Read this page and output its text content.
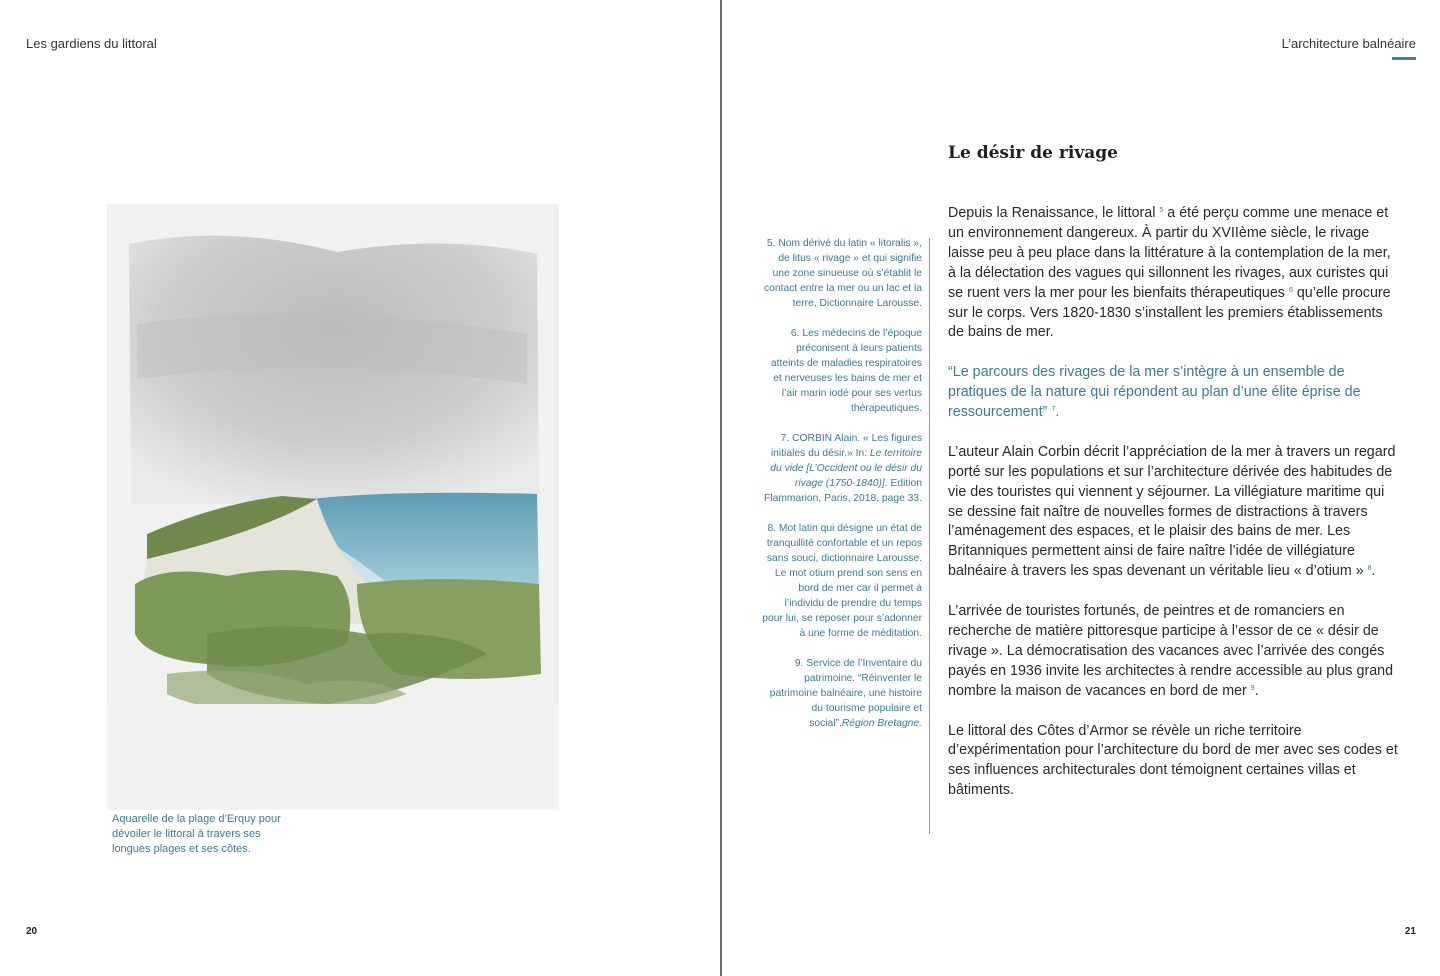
Les gardiens du littoral
Aquarelle de la plage d’Erquy pour dévoiler le littoral à travers ses longues plages et ses côtes.
20
L’architecture balnéaire
Le désir de rivage

5. Nom dérivé du latin « litoralis », de litus « rivage » et qui signifie une zone sinueuse où s’établit le contact entre la mer ou un lac et la terre, Dictionnaire Larousse.

6. Les médecins de l’époque préconisent à leurs patients atteints de maladies respiratoires et nerveuses les bains de mer et l’air marin iodé pour ses vertus thérapeutiques.

7. CORBIN Alain. « Les figures initiales du désir.» In: Le territoire du vide [L’Occident ou le désir du rivage (1750-1840)]. Edition Flammarion, Paris, 2018, page 33.

8. Mot latin qui désigne un état de tranquillité confortable et un repos sans souci, dictionnaire Larousse. Le mot otium prend son sens en bord de mer car il permet à l’individu de prendre du temps pour lui, se reposer pour s’adonner à une forme de méditation.

9. Service de l’Inventaire du patrimoine. “Réinventer le patrimoine balnéaire, une histoire du tourisme populaire et social”.Région Bretagne.

Depuis la Renaissance, le littoral $^5$ a été perçu comme une menace et un environnement dangereux. À partir du XVIIème siècle, le rivage laisse peu à peu place dans la littérature à la contemplation de la mer, à la délectation des vagues qui sillonnent les rivages, aux curistes qui se ruent vers la mer pour les bienfaits thérapeutiques $^6$ qu’elle procure sur le corps. Vers 1820-1830 s’installent les premiers établissements de bains de mer.

“Le parcours des rivages de la mer s’intègre à un ensemble de pratiques de la nature qui répondent au plan d’une élite éprise de ressourcement” $^7$.

L’auteur Alain Corbin décrit l’appréciation de la mer à travers un regard porté sur les populations et sur l’architecture dérivée des habitudes de vie des touristes qui viennent y séjourner. La villégiature maritime qui se dessine fait naître de nouvelles formes de distractions à travers l’aménagement des espaces, et le plaisir des bains de mer. Les Britanniques permettent ainsi de faire naître l’idée de villégiature balnéaire à travers les spas devenant un véritable lieu « d’otium » $^8$.

L’arrivée de touristes fortunés, de peintres et de romanciers en recherche de matière pittoresque participe à l’essor de ce « désir de rivage ». La démocratisation des vacances avec l’arrivée des congés payés en 1936 invite les architectes à rendre accessible au plus grand nombre la maison de vacances en bord de mer $^9$.

Le littoral des Côtes d’Armor se révèle un riche territoire d’expérimentation pour l’architecture du bord de mer avec ses codes et ses influences architecturales dont témoignent certaines villas et bâtiments.

21
